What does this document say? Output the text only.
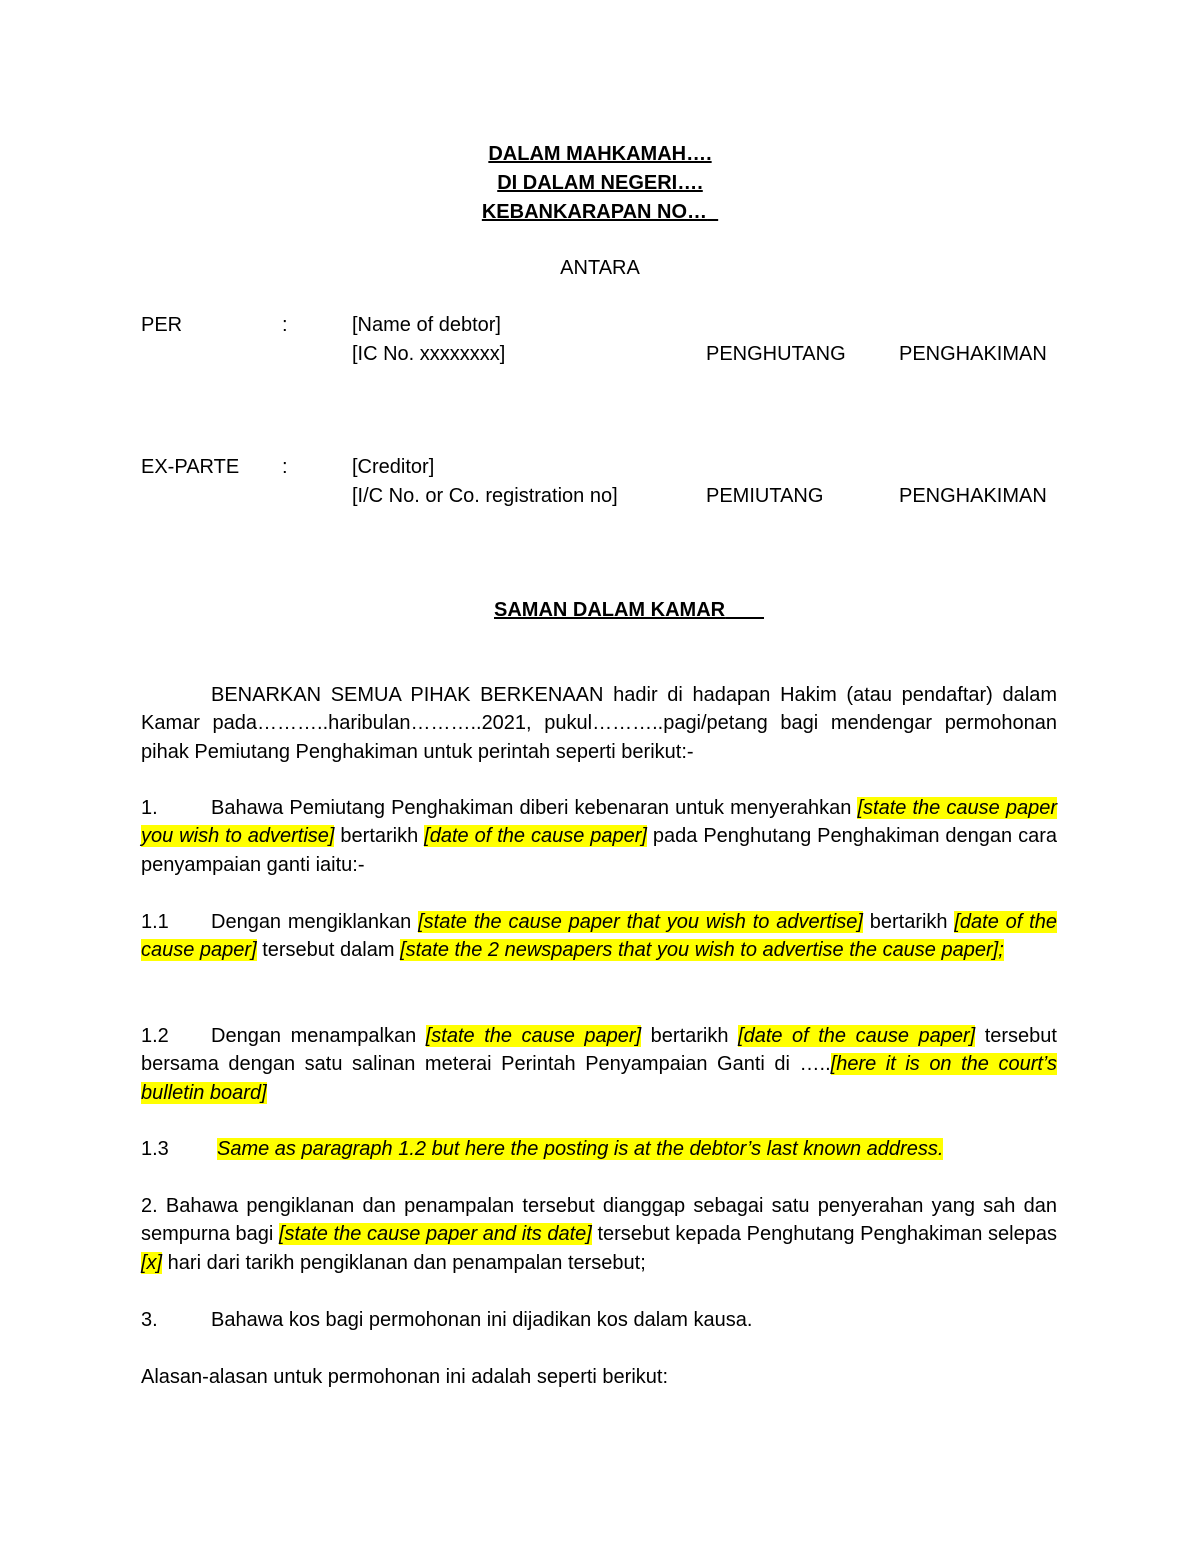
DALAM MAHKAMAH….
DI DALAM NEGERI….
KEBANKARAPAN NO…
ANTARA
PER	:	[Name of debtor]
[IC No. xxxxxxxx]	PENGHUTANG	PENGHAKIMAN
EX-PARTE :	[Creditor]
[I/C No. or Co. registration no]	PEMIUTANG	PENGHAKIMAN
SAMAN DALAM KAMAR
BENARKAN SEMUA PIHAK BERKENAAN hadir di hadapan Hakim (atau pendaftar) dalam Kamar pada………..haribulan………..2021, pukul………..pagi/petang bagi mendengar permohonan pihak Pemiutang Penghakiman untuk perintah seperti berikut:-
1.	Bahawa Pemiutang Penghakiman diberi kebenaran untuk menyerahkan [state the cause paper you wish to advertise] bertarikh [date of the cause paper] pada Penghutang Penghakiman dengan cara penyampaian ganti iaitu:-
1.1 Dengan mengiklankan [state the cause paper that you wish to advertise] bertarikh [date of the cause paper] tersebut dalam [state the 2 newspapers that you wish to advertise the cause paper];
1.2 Dengan menampalkan [state the cause paper] bertarikh [date of the cause paper] tersebut bersama dengan satu salinan meterai Perintah Penyampaian Ganti di …..[here it is on the court’s bulletin board]
1.3 Same as paragraph 1.2 but here the posting is at the debtor’s last known address.
2. Bahawa pengiklanan dan penampalan tersebut dianggap sebagai satu penyerahan yang sah dan sempurna bagi [state the cause paper and its date] tersebut kepada Penghutang Penghakiman selepas [x] hari dari tarikh pengiklanan dan penampalan tersebut;
3.	Bahawa kos bagi permohonan ini dijadikan kos dalam kausa.
Alasan-alasan untuk permohonan ini adalah seperti berikut:
